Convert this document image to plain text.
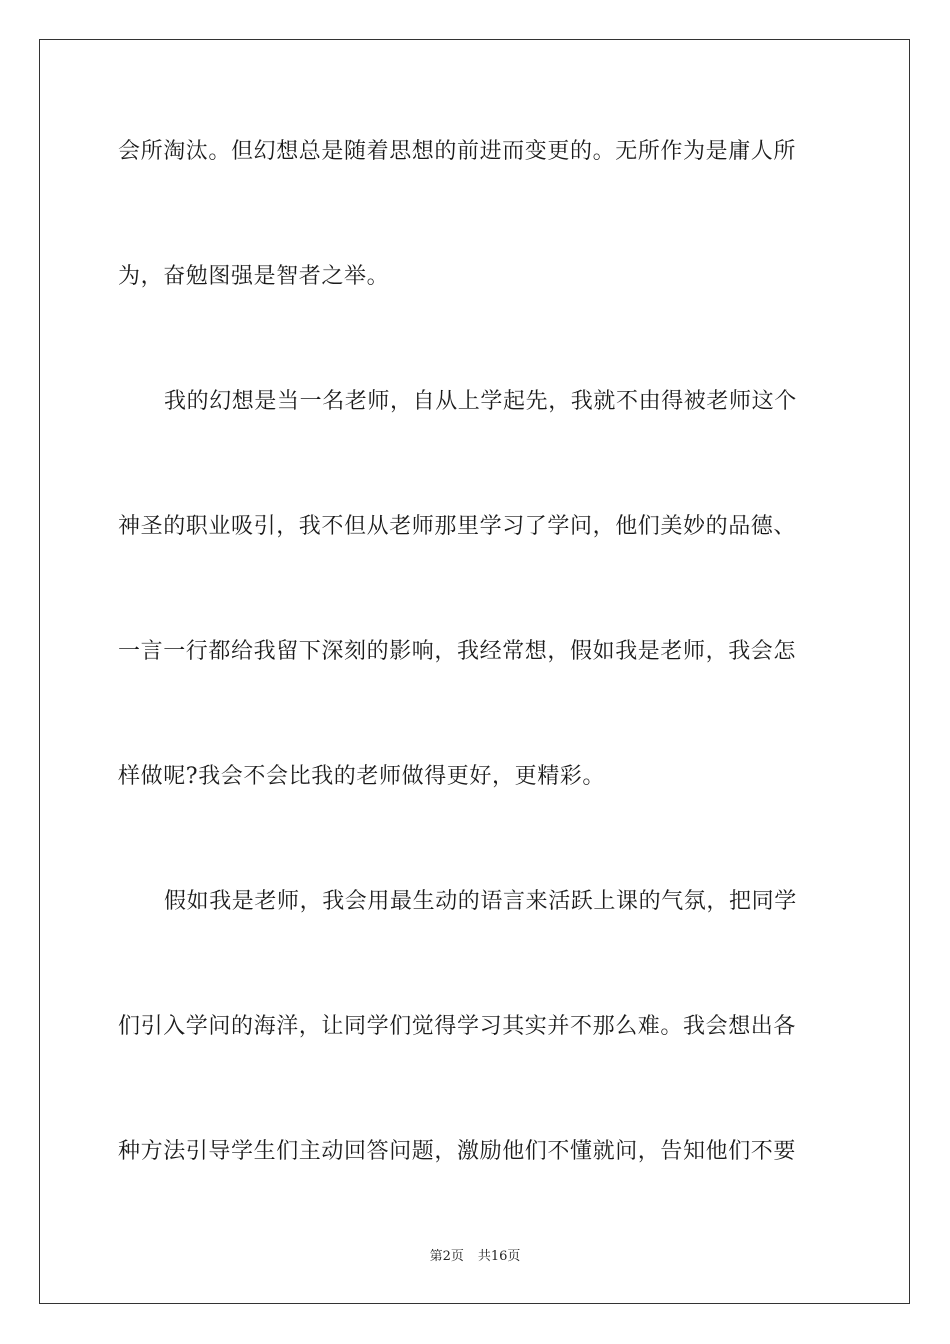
会所淘汰。但幻想总是随着思想的前进而变更的。无所作为是庸人所
为，奋勉图强是智者之举。
我的幻想是当一名老师，自从上学起先，我就不由得被老师这个
神圣的职业吸引，我不但从老师那里学习了学问，他们美妙的品德、
一言一行都给我留下深刻的影响，我经常想，假如我是老师，我会怎
样做呢?我会不会比我的老师做得更好，更精彩。
假如我是老师，我会用最生动的语言来活跃上课的气氛，把同学
们引入学问的海洋，让同学们觉得学习其实并不那么难。我会想出各
种方法引导学生们主动回答问题，激励他们不懂就问，告知他们不要
第2页 共16页
